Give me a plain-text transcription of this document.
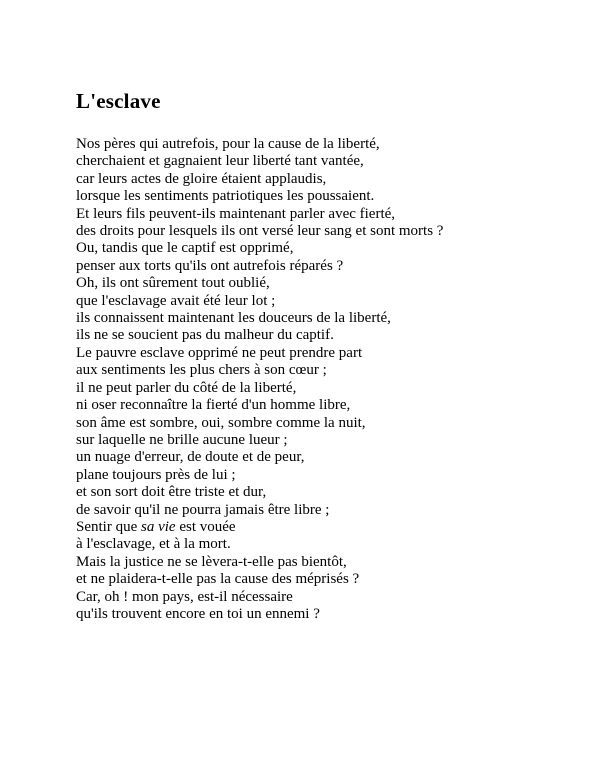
L'esclave
Nos pères qui autrefois, pour la cause de la liberté,
cherchaient et gagnaient leur liberté tant vantée,
car leurs actes de gloire étaient applaudis,
lorsque les sentiments patriotiques les poussaient.
Et leurs fils peuvent-ils maintenant parler avec fierté,
des droits pour lesquels ils ont versé leur sang et sont morts ?
Ou, tandis que le captif est opprimé,
penser aux torts qu'ils ont autrefois réparés ?
Oh, ils ont sûrement tout oublié,
que l'esclavage avait été leur lot ;
ils connaissent maintenant les douceurs de la liberté,
ils ne se soucient pas du malheur du captif.
Le pauvre esclave opprimé ne peut prendre part
aux sentiments les plus chers à son cœur ;
il ne peut parler du côté de la liberté,
ni oser reconnaître la fierté d'un homme libre,
son âme est sombre, oui, sombre comme la nuit,
sur laquelle ne brille aucune lueur ;
un nuage d'erreur, de doute et de peur,
plane toujours près de lui ;
et son sort doit être triste et dur,
de savoir qu'il ne pourra jamais être libre ;
Sentir que sa vie est vouée
à l'esclavage, et à la mort.
Mais la justice ne se lèvera-t-elle pas bientôt,
et ne plaidera-t-elle pas la cause des méprisés ?
Car, oh ! mon pays, est-il nécessaire
qu'ils trouvent encore en toi un ennemi ?
